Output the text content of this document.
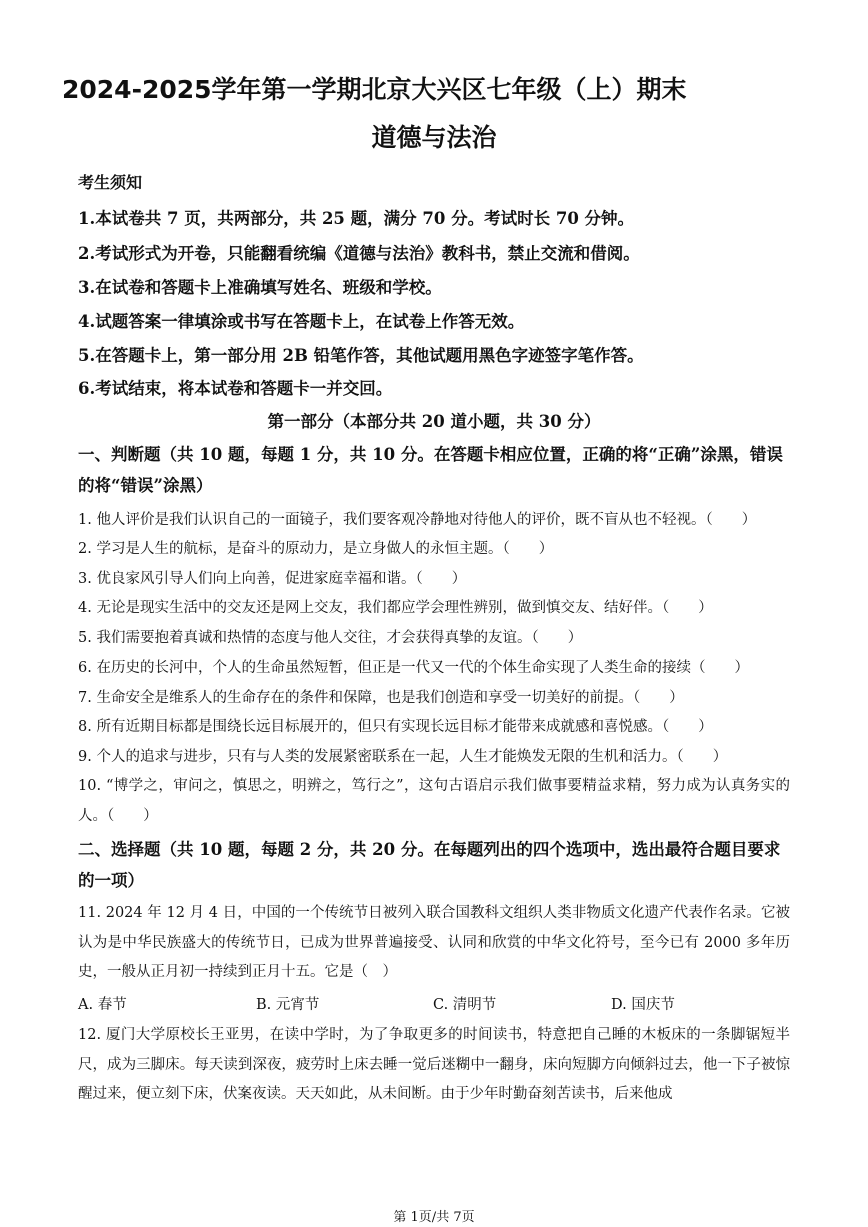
2024-2025学年第一学期北京大兴区七年级（上）期末
道德与法治
考生须知
1.本试卷共 7 页，共两部分，共 25 题，满分 70 分。考试时长 70 分钟。
2.考试形式为开卷，只能翻看统编《道德与法治》教科书，禁止交流和借阅。
3.在试卷和答题卡上准确填写姓名、班级和学校。
4.试题答案一律填涂或书写在答题卡上，在试卷上作答无效。
5.在答题卡上，第一部分用 2B 铅笔作答，其他试题用黑色字迹签字笔作答。
6.考试结束，将本试卷和答题卡一并交回。
第一部分（本部分共 20 道小题，共 30 分）
一、判断题（共 10 题，每题 1 分，共 10 分。在答题卡相应位置，正确的将“正确”涂黑，错误的将“错误”涂黑）
1. 他人评价是我们认识自己的一面镜子，我们要客观冷静地对待他人的评价，既不盲从也不轻视。（　　）
2. 学习是人生的航标，是奋斗的原动力，是立身做人的永恒主题。（　　）
3. 优良家风引导人们向上向善，促进家庭幸福和谐。（　　）
4. 无论是现实生活中的交友还是网上交友，我们都应学会理性辨别，做到慎交友、结好伴。（　　）
5. 我们需要抱着真诚和热情的态度与他人交往，才会获得真挚的友谊。（　　）
6. 在历史的长河中，个人的生命虽然短暂，但正是一代又一代的个体生命实现了人类生命的接续（　　）
7. 生命安全是维系人的生命存在的条件和保障，也是我们创造和享受一切美好的前提。（　　）
8. 所有近期目标都是围绕长远目标展开的，但只有实现长远目标才能带来成就感和喜悦感。（　　）
9. 个人的追求与进步，只有与人类的发展紧密联系在一起，人生才能焕发无限的生机和活力。（　　）
10. “博学之，审问之，慎思之，明辨之，笃行之”，这句古语启示我们做事要精益求精，努力成为认真务实的人。（　　）
二、选择题（共 10 题，每题 2 分，共 20 分。在每题列出的四个选项中，选出最符合题目要求的一项）
11. 2024 年 12 月 4 日，中国的一个传统节日被列入联合国教科文组织人类非物质文化遗产代表作名录。它被认为是中华民族盛大的传统节日，已成为世界普遍接受、认同和欣赏的中华文化符号，至今已有 2000 多年历史，一般从正月初一持续到正月十五。它是（　）
A. 春节	B. 元宵节	C. 清明节	D. 国庆节
12. 厦门大学原校长王亚男，在读中学时，为了争取更多的时间读书，特意把自己睡的木板床的一条脚锯短半尺，成为三脚床。每天读到深夜，疲劳时上床去睡一觉后迷糊中一翻身，床向短脚方向倾斜过去，他一下子被惊醒过来，便立刻下床，伏案夜读。天天如此，从未间断。由于少年时勤奋刻苦读书，后来他成
第 1页/共 7页
